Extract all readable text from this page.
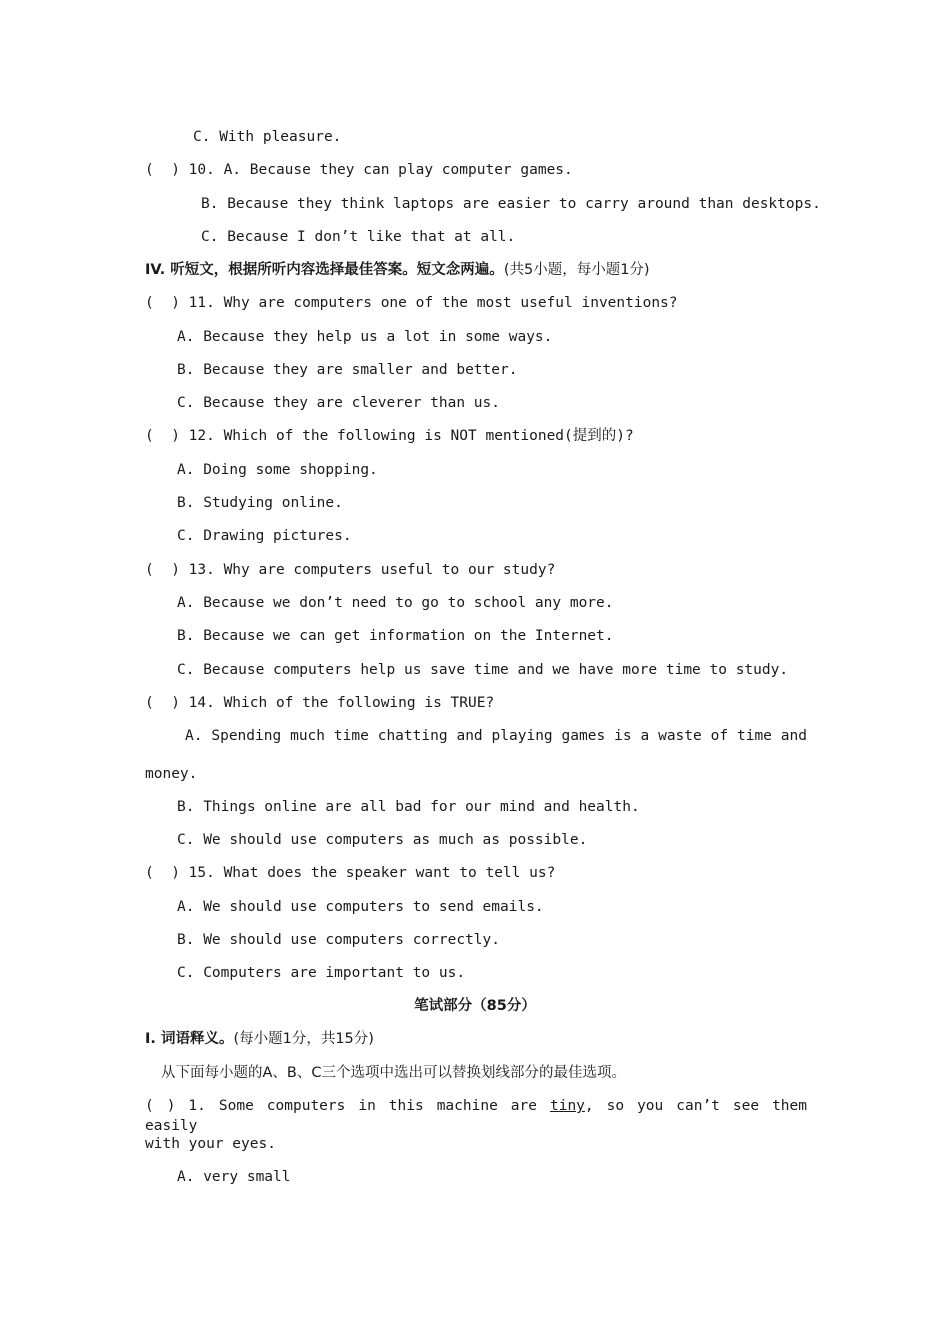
C. With pleasure.
(  ) 10. A. Because they can play computer games.
B. Because they think laptops are easier to carry around than desktops.
C. Because I don’t like that at all.
IV. 听短文，根据所听内容选择最佳答案。短文念两遍。(共5小题，每小题1分)
(  ) 11. Why are computers one of the most useful inventions?
A. Because they help us a lot in some ways.
B. Because they are smaller and better.
C. Because they are cleverer than us.
(  ) 12. Which of the following is NOT mentioned(提到的)?
A. Doing some shopping.
B. Studying online.
C. Drawing pictures.
(  ) 13. Why are computers useful to our study?
A. Because we don’t need to go to school any more.
B. Because we can get information on the Internet.
C. Because computers help us save time and we have more time to study.
(  ) 14. Which of the following is TRUE?
A. Spending much time chatting and playing games is a waste of time and
money.
B. Things online are all bad for our mind and health.
C. We should use computers as much as possible.
(  ) 15. What does the speaker want to tell us?
A. We should use computers to send emails.
B. We should use computers correctly.
C. Computers are important to us.
笔试部分（85分）
I. 词语释义。(每小题1分，共15分)
从下面每小题的A、B、C三个选项中选出可以替换划线部分的最佳选项。
( ) 1. Some computers in this machine are tiny, so you can’t see them easily
with your eyes.
A. very small
